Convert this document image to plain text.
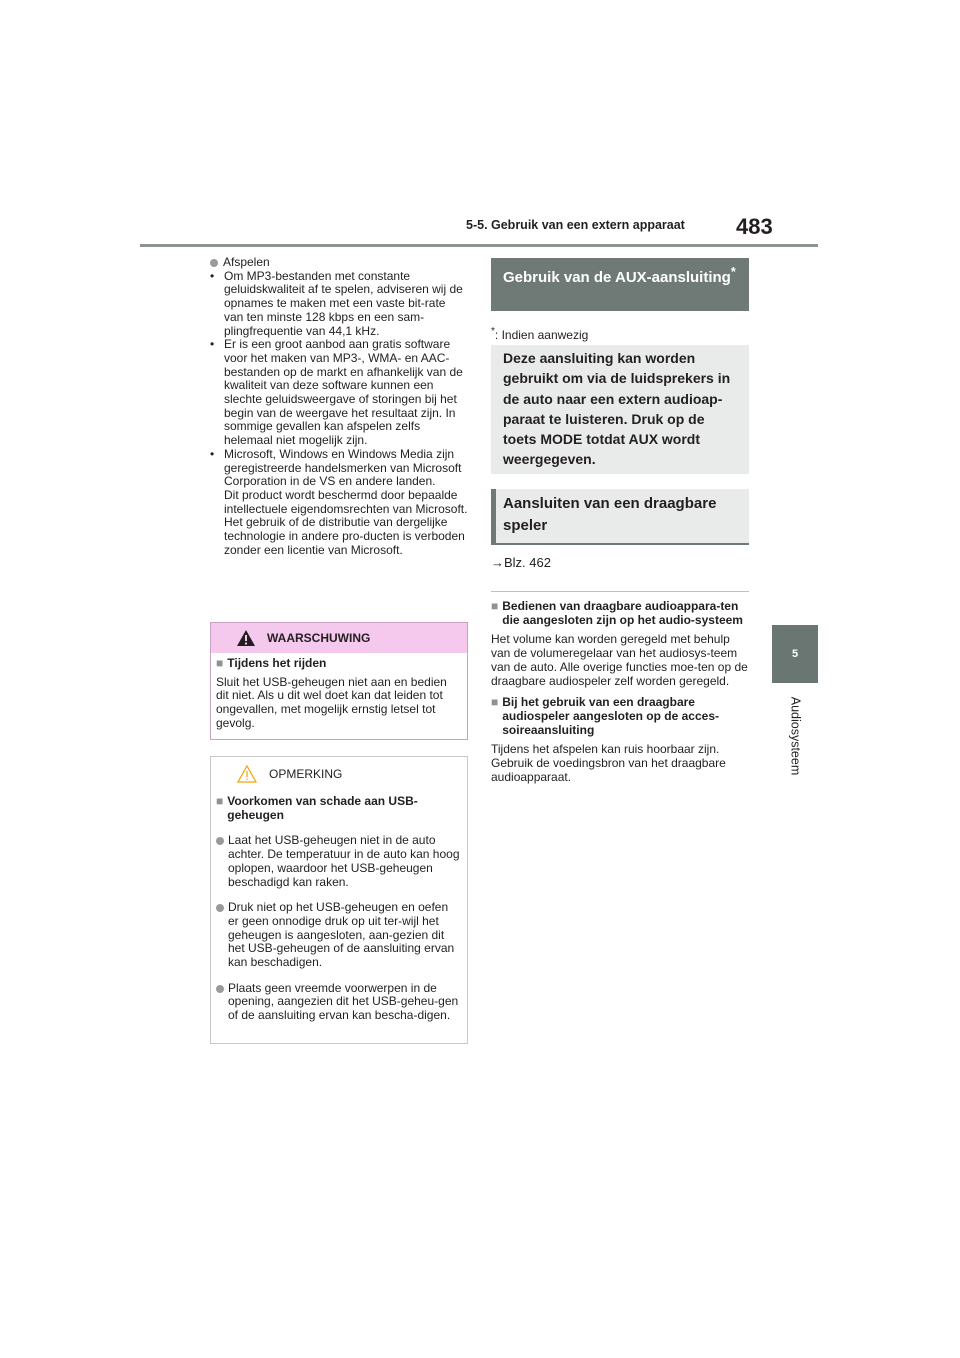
5-5. Gebruik van een extern apparaat 483
5
Audiosysteem
Afspelen

• Om MP3-bestanden met constante geluidskwaliteit af te spelen, adviseren wij de opnames te maken met een vaste bit-rate van ten minste 128 kbps en een sam-plingfrequentie van 44,1 kHz.

• Er is een groot aanbod aan gratis software voor het maken van MP3-, WMA- en AAC-bestanden op de markt en afhankelijk van de kwaliteit van deze software kunnen een slechte geluidsweergave of storingen bij het begin van de weergave het resultaat zijn. In sommige gevallen kan afspelen zelfs helemaal niet mogelijk zijn.

• Microsoft, Windows en Windows Media zijn geregistreerde handelsmerken van Microsoft Corporation in de VS en andere landen.

Dit product wordt beschermd door bepaalde intellectuele eigendomsrechten van Microsoft. Het gebruik of de distributie van dergelijke technologie in andere pro-ducten is verboden zonder een licentie van Microsoft.

WAARSCHUWING
■ Tijdens het rijden

Sluit het USB-geheugen niet aan en bedien dit niet. Als u dit wel doet kan dat leiden tot ongevallen, met mogelijk ernstig letsel tot gevolg.

OPMERKING
■ Voorkomen van schade aan USB-geheugen
Laat het USB-geheugen niet in de auto achter. De temperatuur in de auto kan hoog oplopen, waardoor het USB-geheugen beschadigd kan raken.
Druk niet op het USB-geheugen en oefen er geen onnodige druk op uit ter-wijl het geheugen is aangesloten, aan-gezien dit het USB-geheugen of de aansluiting ervan kan beschadigen.
Plaats geen vreemde voorwerpen in de opening, aangezien dit het USB-geheu-gen of de aansluiting ervan kan bescha-digen.
Gebruik van de AUX-aansluiting*
*: Indien aanwezig
Deze aansluiting kan worden gebruikt om via de luidsprekers in de auto naar een extern audioap-paraat te luisteren. Druk op de toets MODE totdat AUX wordt weergegeven.
Aansluiten van een draagbare speler
→Blz. 462
■ Bedienen van draagbare audioappara-ten die aangesloten zijn op het audio-systeem

Het volume kan worden geregeld met behulp van de volumeregelaar van het audiosys-teem van de auto. Alle overige functies moe-ten op de draagbare audiospeler zelf worden geregeld.

■ Bij het gebruik van een draagbare audiospeler aangesloten op de acces-soireaansluiting

Tijdens het afspelen kan ruis hoorbaar zijn. Gebruik de voedingsbron van het draagbare audioapparaat.
